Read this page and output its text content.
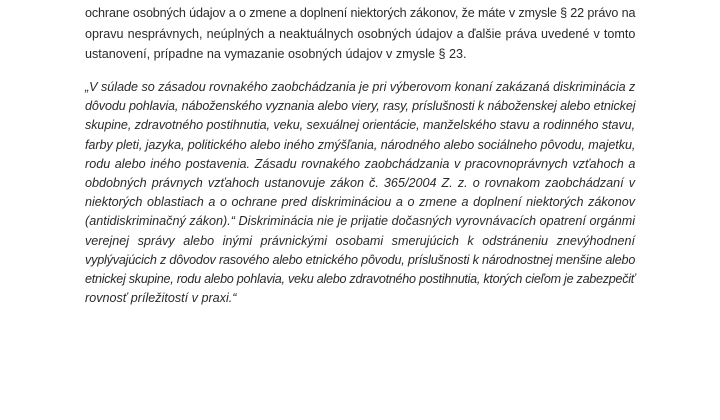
ochrane osobných údajov a o zmene a doplnení niektorých zákonov, že máte v zmysle § 22 právo na
opravu nesprávnych, neúplných a neaktuálnych osobných údajov a ďalšie práva uvedené v tomto
ustanovení, prípadne na vymazanie osobných údajov v zmysle § 23.
„V súlade so zásadou rovnakého zaobchádzania je pri výberovom konaní zakázaná diskriminácia z
dôvodu pohlavia, náboženského vyznania alebo viery, rasy, príslušnosti k náboženskej alebo etnickej
skupine, zdravotného postihnutia, veku, sexuálnej orientácie, manželského stavu a rodinného stavu,
farby pleti, jazyka, politického alebo iného zmýšľania, národného alebo sociálneho pôvodu, majetku,
rodu alebo iného postavenia. Zásadu rovnakého zaobchádzania v pracovnoprávnych vzťahoch a
obdobných právnych vzťahoch ustanovuje zákon č. 365/2004 Z. z. o rovnakom zaobchádzaní v
niektorých oblastiach a o ochrane pred diskrimináciou a o zmene a doplnení niektorých zákonov
(antidiskriminačný zákon).“ Diskriminácia nie je prijatie dočasných vyrovnávacích opatrení orgánmi
verejnej správy alebo inými právnickými osobami smerujúcich k odstráneniu znevýhodnení
vyplývajúcich z dôvodov rasového alebo etnického pôvodu, príslušnosti k národnostnej menšine alebo
etnickej skupine, rodu alebo pohlavia, veku alebo zdravotného postihnutia, ktorých cieľom je zabezpečiť
rovnosť príležitostí v praxi.“
